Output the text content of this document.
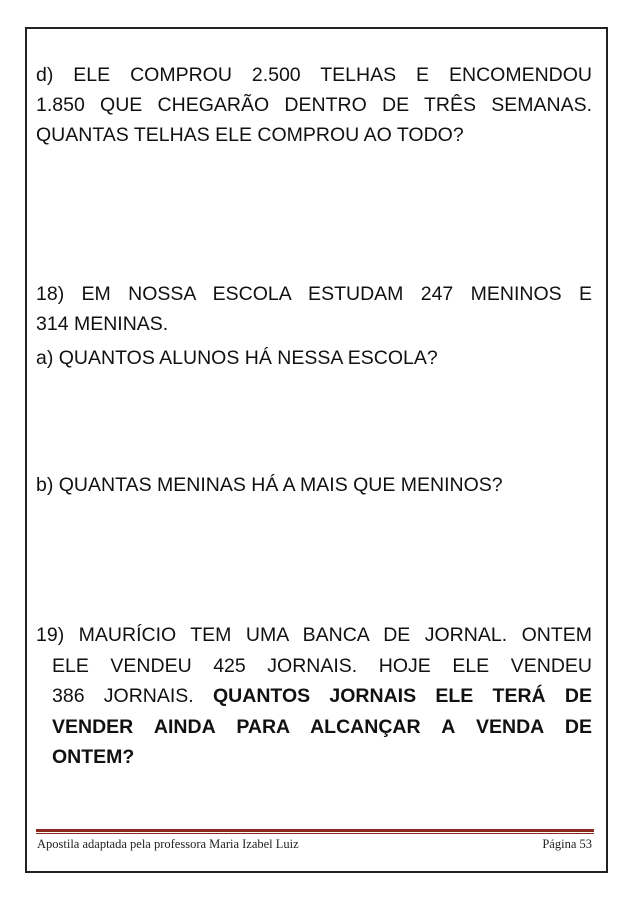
d) ELE COMPROU 2.500 TELHAS E ENCOMENDOU
1.850 QUE CHEGARÃO DENTRO DE TRÊS SEMANAS.
QUANTAS TELHAS ELE COMPROU AO TODO?
18) EM NOSSA ESCOLA ESTUDAM 247 MENINOS E
314 MENINAS.
a) QUANTOS ALUNOS HÁ NESSA ESCOLA?
b) QUANTAS MENINAS HÁ A MAIS QUE MENINOS?
19) MAURÍCIO TEM UMA BANCA DE JORNAL. ONTEM
ELE VENDEU 425 JORNAIS. HOJE ELE VENDEU
386 JORNAIS. QUANTOS JORNAIS ELE TERÁ DE
VENDER AINDA PARA ALCANÇAR A VENDA DE
ONTEM?
Apostila adaptada pela professora Maria Izabel Luiz	Página 53
